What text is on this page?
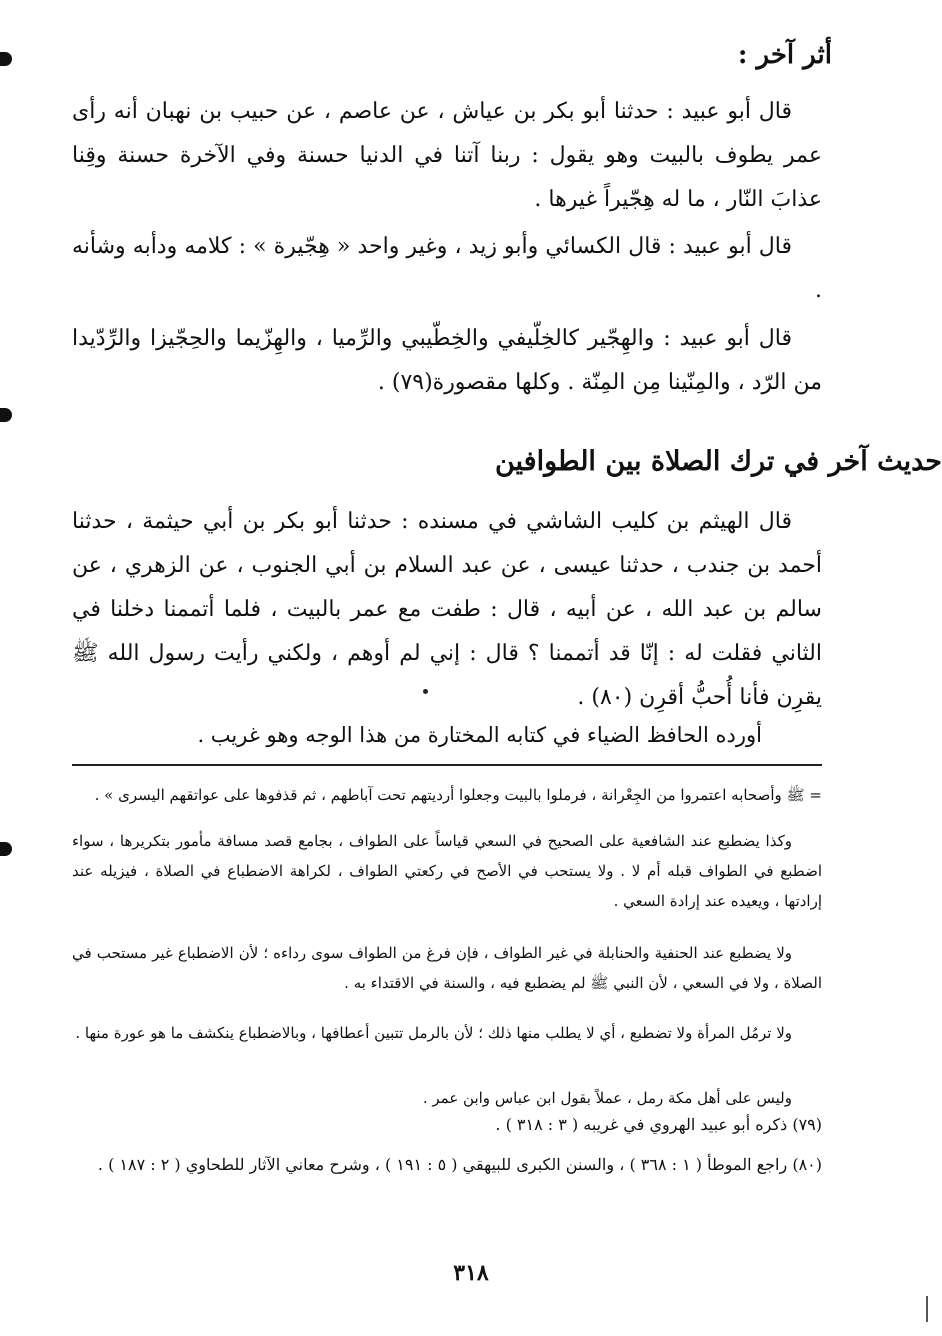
أثر آخر :
قال أبو عبيد : حدثنا أبو بكر بن عياش ، عن عاصم ، عن حبيب بن نهبان أنه رأى عمر يطوف بالبيت وهو يقول : ربنا آتنا في الدنيا حسنة وفي الآخرة حسنة وقِنا عذابَ النّار ، ما له هِجّيراً غيرها .
قال أبو عبيد : قال الكسائي وأبو زيد ، وغير واحد « هِجّيرة » : كلامه ودأبه وشأنه .
قال أبو عبيد : والهِجّير كالخِلّيفي والخِطّيبي والرِّميا ، والهِزّيما والحِجّيزا والرِّدّيدا من الرّد ، والمِنّينا مِن المِنّة . وكلها مقصورة(٧٩) .
حديث آخر في ترك الصلاة بين الطوافين
قال الهيثم بن كليب الشاشي في مسنده : حدثنا أبو بكر بن أبي حيثمة ، حدثنا أحمد بن جندب ، حدثنا عيسى ، عن عبد السلام بن أبي الجنوب ، عن الزهري ، عن سالم بن عبد الله ، عن أبيه ، قال : طفت مع عمر بالبيت ، فلما أتممنا دخلنا في الثاني فقلت له : إنّا قد أتممنا ؟ قال : إني لم أوهم ، ولكني رأيت رسول الله ﷺ يقرِن فأنا أُحبُّ أقرِن (٨٠) .
أورده الحافظ الضياء في كتابه المختارة من هذا الوجه وهو غريب .
= ﷺ وأصحابه اعتمروا من الجِعْرانة ، فرملوا بالبيت وجعلوا أرديتهم تحت آباطهم ، ثم قذفوها على عواتقهم اليسرى » .
وكذا يضطبع عند الشافعية على الصحيح في السعي قياساً على الطواف ، بجامع قصد مسافة مأمور بتكريرها ، سواء اضطبع في الطواف قبله أم لا . ولا يستحب في الأصح في ركعتي الطواف ، لكراهة الاضطباع في الصلاة ، فيزيله عند إرادتها ، ويعيده عند إرادة السعي .
ولا يضطبع عند الحنفية والحنابلة في غير الطواف ، فإن فرغ من الطواف سوى رداءه ؛ لأن الاضطباع غير مستحب في الصلاة ، ولا في السعي ، لأن النبي ﷺ لم يضطبع فيه ، والسنة في الاقتداء به .
ولا ترمُل المرأة ولا تضطبع ، أي لا يطلب منها ذلك ؛ لأن بالرمل تتبين أعطافها ، وبالاضطباع ينكشف ما هو عورة منها .
وليس على أهل مكة رمل ، عملاً بقول ابن عباس وابن عمر .
(٧٩) ذكره أبو عبيد الهروي في غريبه ( ٣ : ٣١٨ ) .
(٨٠) راجع الموطأ ( ١ : ٣٦٨ ) ، والسنن الكبرى للبيهقي ( ٥ : ١٩١ ) ، وشرح معاني الآثار للطحاوي ( ٢ : ١٨٧ ) .
٣١٨
